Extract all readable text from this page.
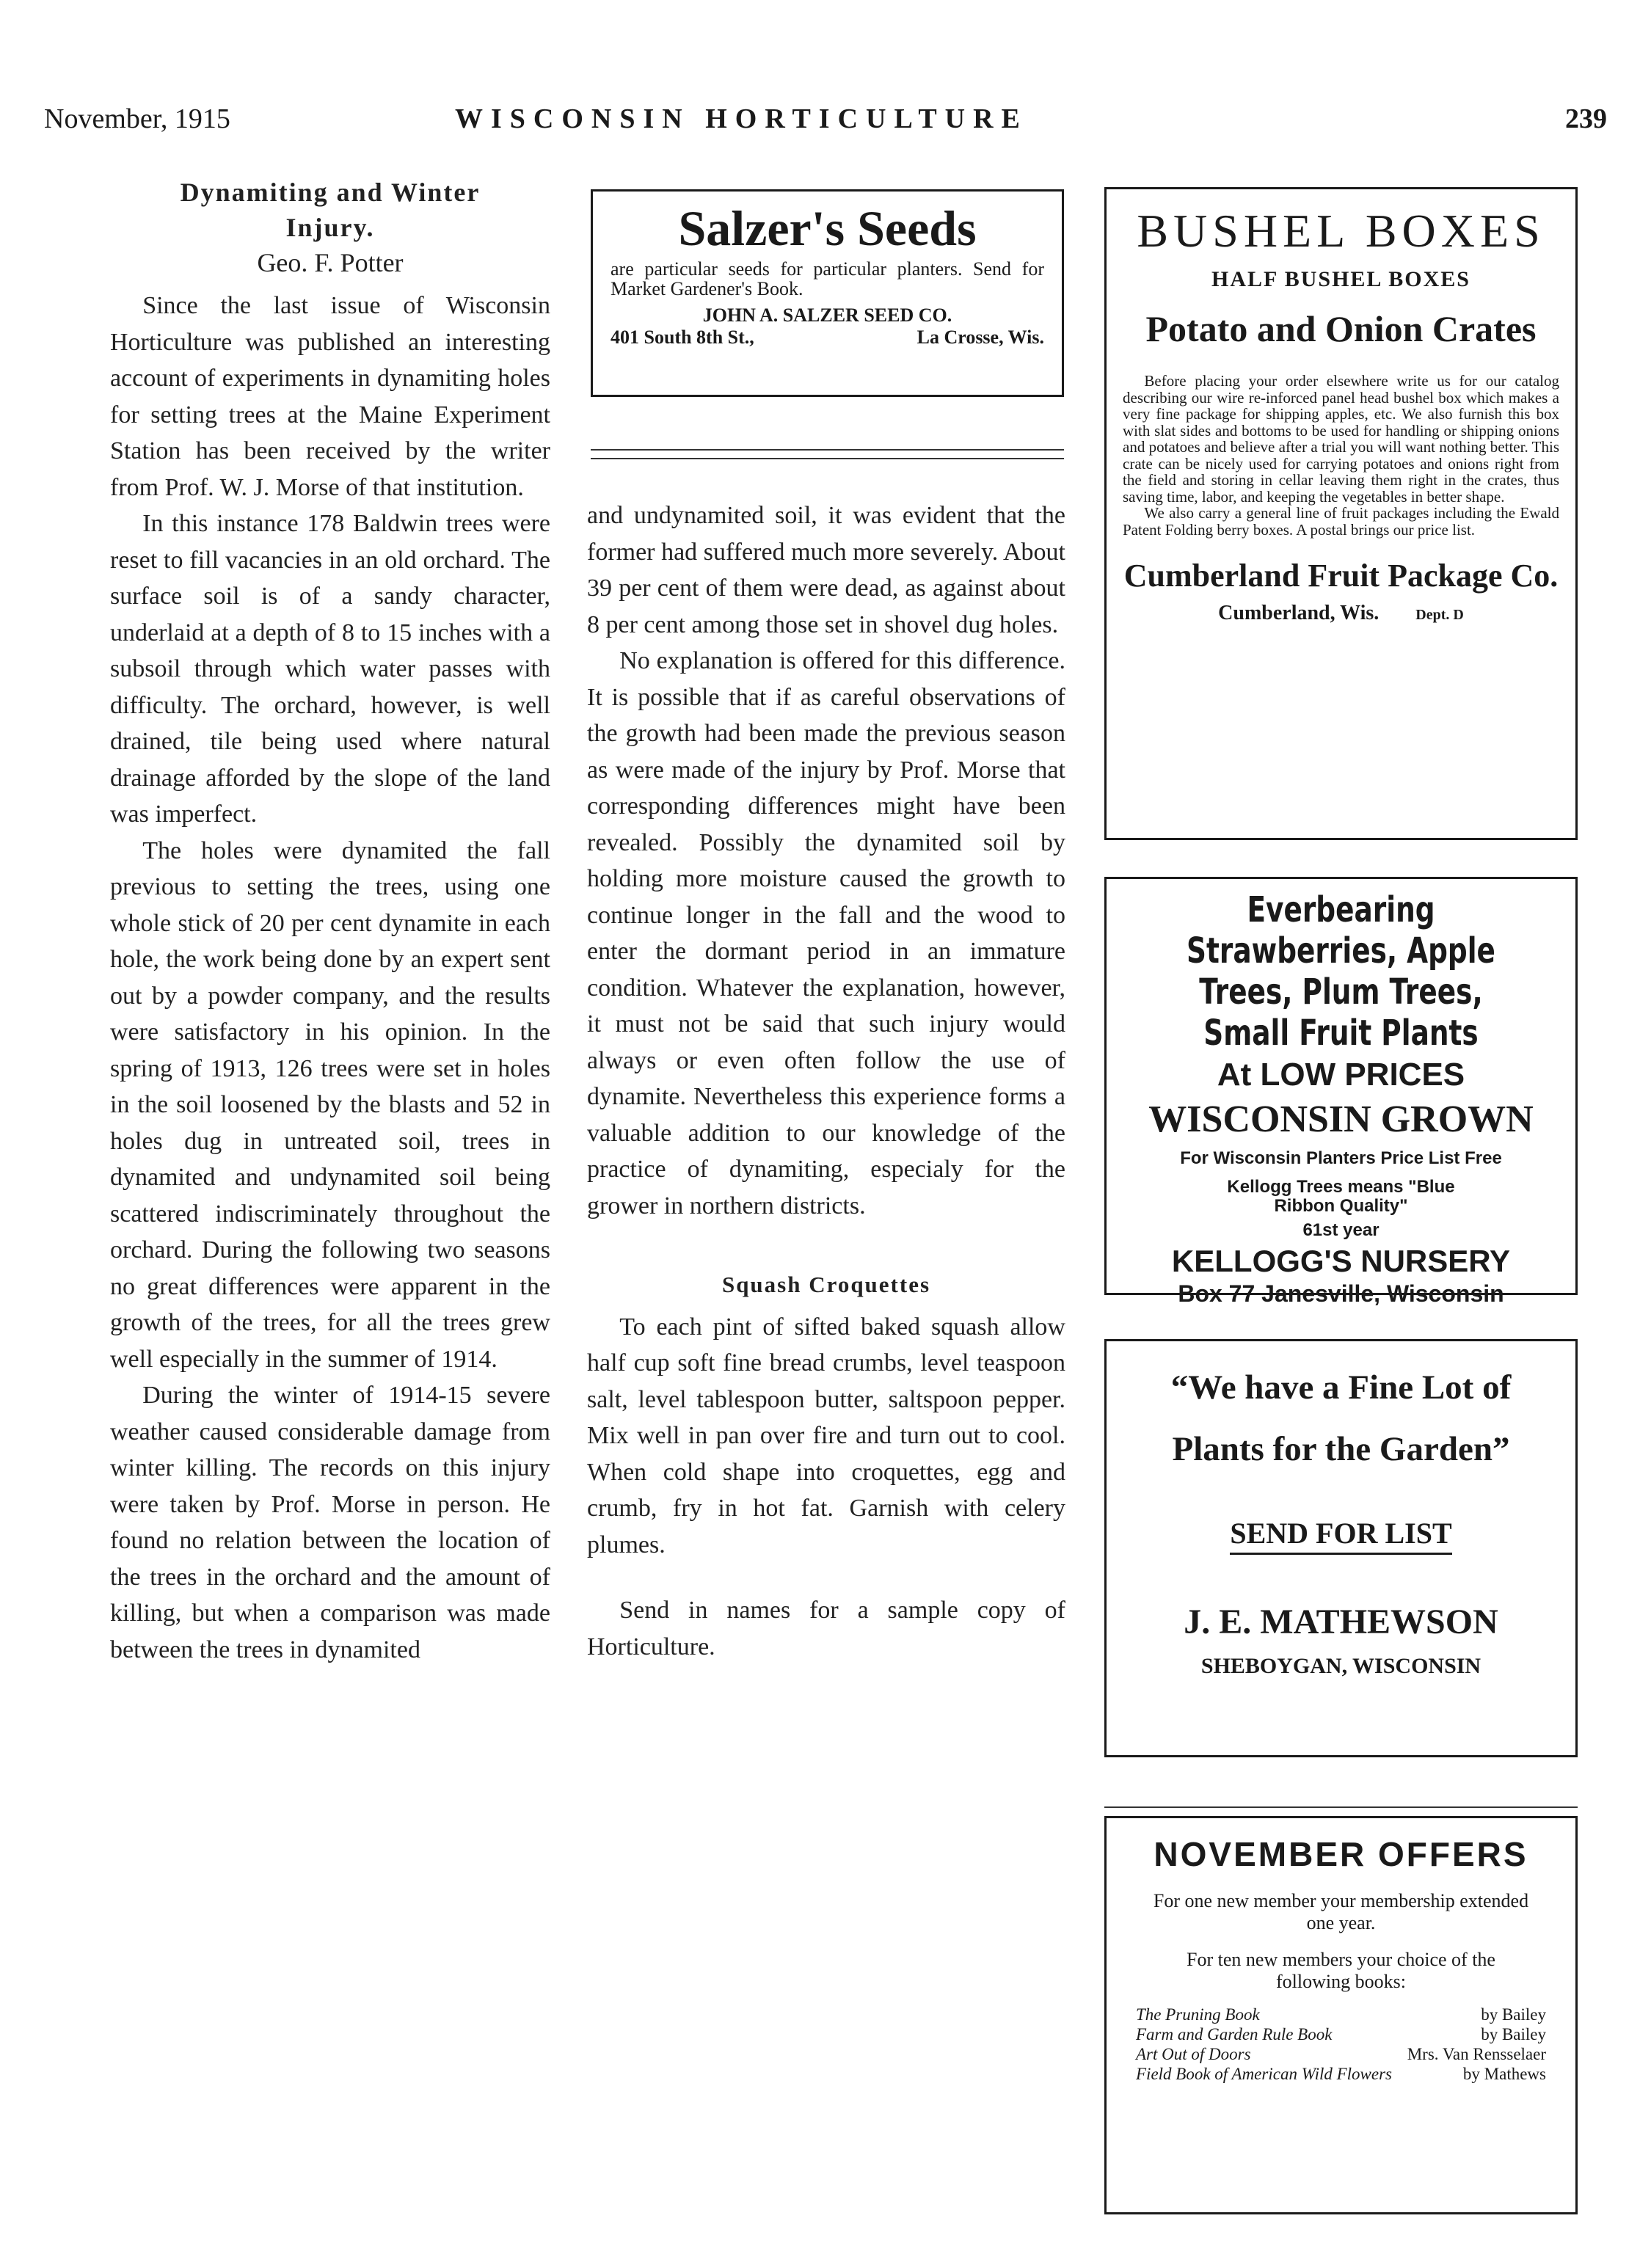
November, 1915	WISCONSIN HORTICULTURE	239
Dynamiting and Winter
Injury.
Geo. F. Potter

Since the last issue of Wisconsin Horticulture was published an interesting account of experiments in dynamiting holes for setting trees at the Maine Experiment Station has been received by the writer from Prof. W. J. Morse of that institution.

In this instance 178 Baldwin trees were reset to fill vacancies in an old orchard. The surface soil is of a sandy character, underlaid at a depth of 8 to 15 inches with a subsoil through which water passes with difficulty. The orchard, however, is well drained, tile being used where natural drainage afforded by the slope of the land was imperfect.

The holes were dynamited the fall previous to setting the trees, using one whole stick of 20 per cent dynamite in each hole, the work being done by an expert sent out by a powder company, and the results were satisfactory in his opinion. In the spring of 1913, 126 trees were set in holes in the soil loosened by the blasts and 52 in holes dug in untreated soil, trees in dynamited and undynamited soil being scattered indiscriminately throughout the orchard. During the following two seasons no great differences were apparent in the growth of the trees, for all the trees grew well especially in the summer of 1914.

During the winter of 1914-15 severe weather caused considerable damage from winter killing. The records on this injury were taken by Prof. Morse in person. He found no relation between the location of the trees in the orchard and the amount of killing, but when a comparison was made between the trees in dynamited

Salzer's Seeds
are particular seeds for particular planters. Send for Market Gardener's Book.
JOHN A. SALZER SEED CO.
401 South 8th St.,	La Crosse, Wis.

and undynamited soil, it was evident that the former had suffered much more severely. About 39 per cent of them were dead, as against about 8 per cent among those set in shovel dug holes.

No explanation is offered for this difference. It is possible that if as careful observations of the growth had been made the previous season as were made of the injury by Prof. Morse that corresponding differences might have been revealed. Possibly the dynamited soil by holding more moisture caused the growth to continue longer in the fall and the wood to enter the dormant period in an immature condition. Whatever the explanation, however, it must not be said that such injury would always or even often follow the use of dynamite. Nevertheless this experience forms a valuable addition to our knowledge of the practice of dynamiting, especialy for the grower in northern districts.

Squash Croquettes

To each pint of sifted baked squash allow half cup soft fine bread crumbs, level teaspoon salt, level tablespoon butter, saltspoon pepper. Mix well in pan over fire and turn out to cool. When cold shape into croquettes, egg and crumb, fry in hot fat. Garnish with celery plumes.

Send in names for a sample copy of Horticulture.

BUSHEL BOXES
HALF BUSHEL BOXES
Potato and Onion Crates
Before placing your order elsewhere write us for our catalog describing our wire re-inforced panel head bushel box which makes a very fine package for shipping apples, etc. We also furnish this box with slat sides and bottoms to be used for handling or shipping onions and potatoes and believe after a trial you will want nothing better. This crate can be nicely used for carrying potatoes and onions right from the field and storing in cellar leaving them right in the crates, thus saving time, labor, and keeping the vegetables in better shape.
We also carry a general line of fruit packages including the Ewald Patent Folding berry boxes. A postal brings our price list.
Cumberland Fruit Package Co.
Cumberland, Wis.	Dept. D
Everbearing Strawberries, Apple Trees, Plum Trees, Small Fruit Plants
At LOW PRICES
WISCONSIN GROWN
For Wisconsin Planters Price List Free
Kellogg Trees means "Blue Ribbon Quality"
61st year
KELLOGG'S NURSERY
Box 77 Janesville, Wisconsin
“We have a Fine Lot of
Plants for the Garden”
SEND FOR LIST
J. E. MATHEWSON
SHEBOYGAN, WISCONSIN
NOVEMBER OFFERS
For one new member your membership extended one year.
For ten new members your choice of the following books:
The Pruning Book	by Bailey
Farm and Garden Rule Book	by Bailey
Art Out of Doors	Mrs. Van Rensselaer
Field Book of American Wild Flowers	by Mathews
